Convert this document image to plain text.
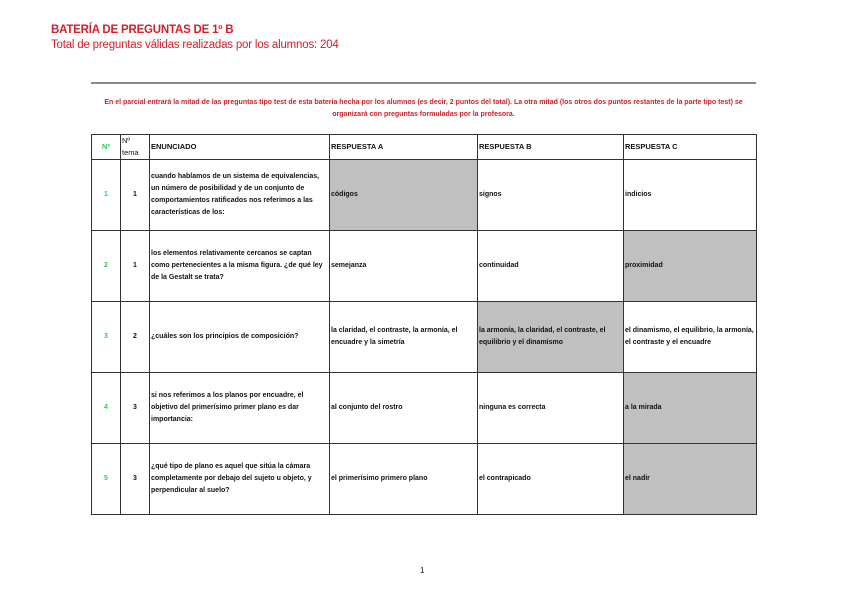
BATERÍA DE PREGUNTAS DE 1º B
Total de preguntas válidas realizadas por los alumnos: 204
En el parcial entrará la mitad de las preguntas tipo test de esta batería hecha por los alumnos (es decir, 2 puntos del total). La otra mitad (los otros dos puntos restantes de la parte tipo test) se organizará con preguntas formuladas por la profesora.
Nº	Nº tema	ENUNCIADO	RESPUESTA A	RESPUESTA B	RESPUESTA C
1	1	cuando hablamos de un sistema de equivalencias, un número de posibilidad y de un conjunto de comportamientos ratificados nos referimos a las características de los:	códigos	signos	indicios
2	1	los elementos relativamente cercanos se captan como pertenecientes a la misma figura. ¿de qué ley de la Gestalt se trata?	semejanza	continuidad	proximidad
3	2	¿cuáles son los principios de composición?	la claridad, el contraste, la armonía, el encuadre y la simetría	la armonía, la claridad, el contraste, el equilibrio y el dinamismo	el dinamismo, el equilibrio, la armonía, el contraste y el encuadre
4	3	si nos referimos a los planos por encuadre, el objetivo del primerísimo primer plano es dar importancia:	al conjunto del rostro	ninguna es correcta	a la mirada
5	3	¿qué tipo de plano es aquel que sitúa la cámara completamente por debajo del sujeto u objeto, y perpendicular al suelo?	el primerísimo primero plano	el contrapicado	el nadir
1
